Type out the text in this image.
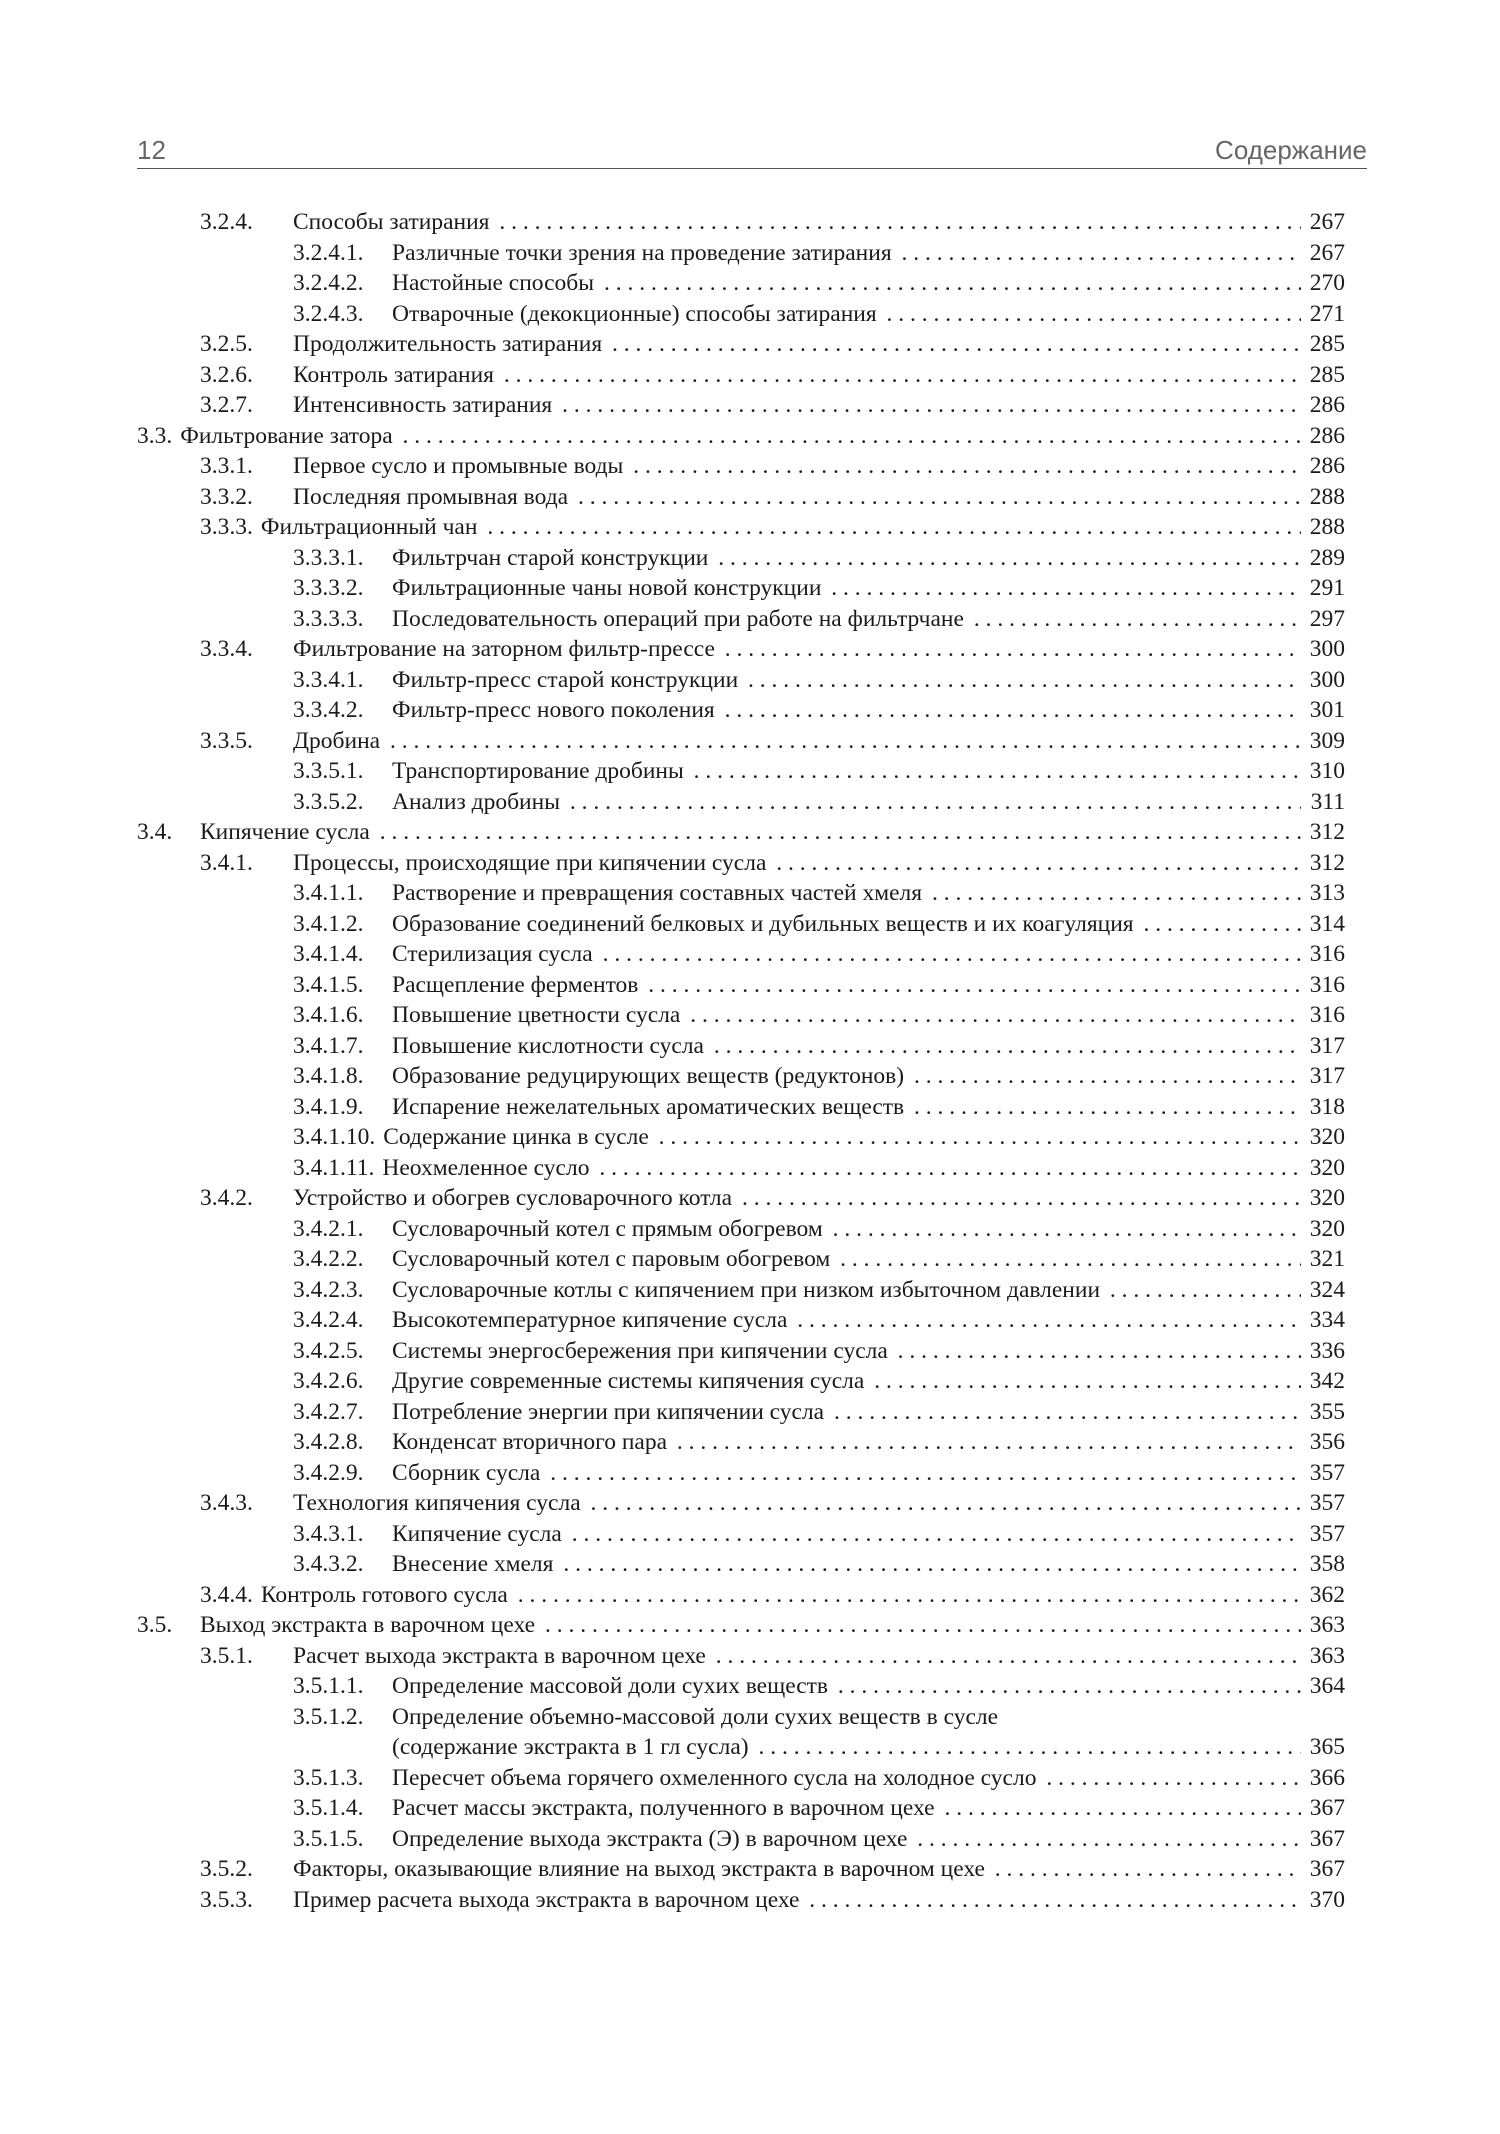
12	Содержание
3.2.4. Способы затирания . . .	267
3.2.4.1. Различные точки зрения на проведение затирания . . .	267
3.2.4.2. Настойные способы . . .	270
3.2.4.3. Отварочные (декокционные) способы затирания . . .	271
3.2.5. Продолжительность затирания . . .	285
3.2.6. Контроль затирания . . .	285
3.2.7. Интенсивность затирания . . .	286
3.3. Фильтрование затора . . .	286
3.3.1. Первое сусло и промывные воды . . .	286
3.3.2. Последняя промывная вода . . .	288
3.3.3. Фильтрационный чан . . .	288
3.3.3.1. Фильтрчан старой конструкции . . .	289
3.3.3.2. Фильтрационные чаны новой конструкции . . .	291
3.3.3.3. Последовательность операций при работе на фильтрчане . . .	297
3.3.4. Фильтрование на заторном фильтр-прессе . . .	300
3.3.4.1. Фильтр-пресс старой конструкции . . .	300
3.3.4.2. Фильтр-пресс нового поколения . . .	301
3.3.5. Дробина . . .	309
3.3.5.1. Транспортирование дробины . . .	310
3.3.5.2. Анализ дробины . . .	311
3.4. Кипячение сусла . . .	312
3.4.1. Процессы, происходящие при кипячении сусла . . .	312
3.4.1.1. Растворение и превращения составных частей хмеля . . .	313
3.4.1.2. Образование соединений белковых и дубильных веществ и их коагуляция . . .	314
3.4.1.4. Стерилизация сусла . . .	316
3.4.1.5. Расщепление ферментов . . .	316
3.4.1.6. Повышение цветности сусла . . .	316
3.4.1.7. Повышение кислотности сусла . . .	317
3.4.1.8. Образование редуцирующих веществ (редуктонов) . . .	317
3.4.1.9. Испарение нежелательных ароматических веществ . . .	318
3.4.1.10. Содержание цинка в сусле . . .	320
3.4.1.11. Неохмеленное сусло . . .	320
3.4.2. Устройство и обогрев сусловарочного котла . . .	320
3.4.2.1. Сусловарочный котел с прямым обогревом . . .	320
3.4.2.2. Сусловарочный котел с паровым обогревом . . .	321
3.4.2.3. Сусловарочные котлы с кипячением при низком избыточном давлении . . .	324
3.4.2.4. Высокотемпературное кипячение сусла . . .	334
3.4.2.5. Системы энергосбережения при кипячении сусла . . .	336
3.4.2.6. Другие современные системы кипячения сусла . . .	342
3.4.2.7. Потребление энергии при кипячении сусла . . .	355
3.4.2.8. Конденсат вторичного пара . . .	356
3.4.2.9. Сборник сусла . . .	357
3.4.3. Технология кипячения сусла . . .	357
3.4.3.1. Кипячение сусла . . .	357
3.4.3.2. Внесение хмеля . . .	358
3.4.4. Контроль готового сусла . . .	362
3.5. Выход экстракта в варочном цехе . . .	363
3.5.1. Расчет выхода экстракта в варочном цехе . . .	363
3.5.1.1. Определение массовой доли сухих веществ . . .	364
3.5.1.2. Определение объемно-массовой доли сухих веществ в сусле
(содержание экстракта в 1 гл сусла) . . .	365
3.5.1.3. Пересчет объема горячего охмеленного сусла на холодное сусло . . .	366
3.5.1.4. Расчет массы экстракта, полученного в варочном цехе . . .	367
3.5.1.5. Определение выхода экстракта (Э) в варочном цехе . . .	367
3.5.2. Факторы, оказывающие влияние на выход экстракта в варочном цехе . . .	367
3.5.3. Пример расчета выхода экстракта в варочном цехе . . .	370
